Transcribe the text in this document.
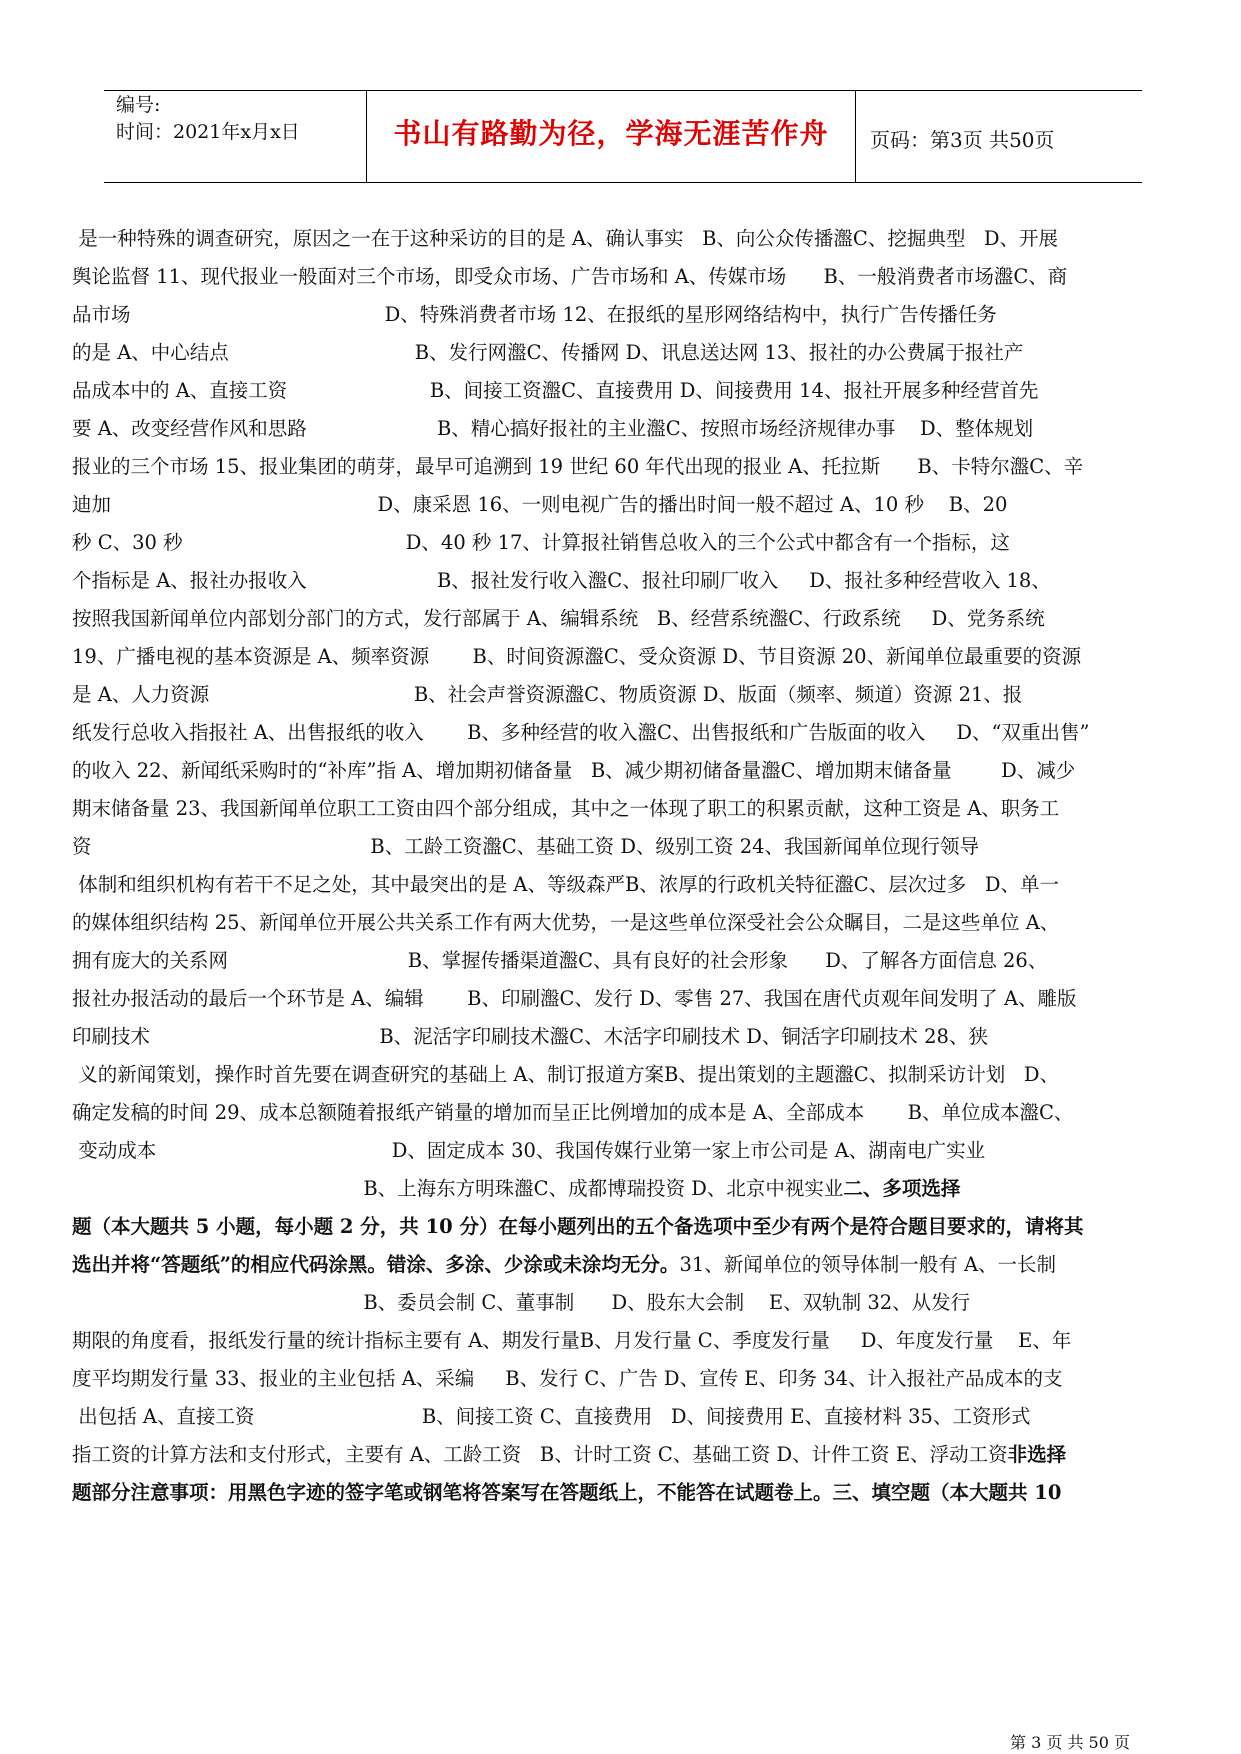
编号:
时间：2021年x月x日	书山有路勤为径，学海无涯苦作舟	页码：第3页 共50页
是一种特殊的调查研究，原因之一在于这种采访的目的是 A、确认事实   B、向公众传播瀊C、挖掘典型   D、开展
舆论监督 11、现代报业一般面对三个市场，即受众市场、广告市场和 A、传媒市场      B、一般消费者市场瀊C、商
品市场                                         D、特殊消费者市场 12、在报纸的星形网络结构中，执行广告传播任务
的是 A、中心结点                              B、发行网瀊C、传播网 D、讯息送达网 13、报社的办公费属于报社产
品成本中的 A、直接工资                       B、间接工资瀊C、直接费用 D、间接费用 14、报社开展多种经营首先
要 A、改变经营作风和思路                     B、精心搞好报社的主业瀊C、按照市场经济规律办事    D、整体规划
报业的三个市场 15、报业集团的萌芽，最早可追溯到 19 世纪 60 年代出现的报业 A、托拉斯      B、卡特尔瀊C、辛
迪加                                           D、康采恩 16、一则电视广告的播出时间一般不超过 A、10 秒    B、20
秒 C、30 秒                                    D、40 秒 17、计算报社销售总收入的三个公式中都含有一个指标，这
个指标是 A、报社办报收入                     B、报社发行收入瀊C、报社印刷厂收入     D、报社多种经营收入 18、
按照我国新闻单位内部划分部门的方式，发行部属于 A、编辑系统   B、经营系统瀊C、行政系统     D、党务系统
19、广播电视的基本资源是 A、频率资源       B、时间资源瀊C、受众资源 D、节目资源 20、新闻单位最重要的资源
是 A、人力资源                                 B、社会声誉资源瀊C、物质资源 D、版面（频率、频道）资源 21、报
纸发行总收入指报社 A、出售报纸的收入       B、多种经营的收入瀊C、出售报纸和广告版面的收入     D、“双重出售”
的收入 22、新闻纸采购时的“补库”指 A、增加期初储备量   B、减少期初储备量瀊C、增加期末储备量        D、减少
期末储备量 23、我国新闻单位职工工资由四个部分组成，其中之一体现了职工的积累贡献，这种工资是 A、职务工
资                                             B、工龄工资瀊C、基础工资 D、级别工资 24、我国新闻单位现行领导
体制和组织机构有若干不足之处，其中最突出的是 A、等级森严B、浓厚的行政机关特征瀊C、层次过多   D、单一
的媒体组织结构 25、新闻单位开展公共关系工作有两大优势，一是这些单位深受社会公众瞩目，二是这些单位 A、
拥有庞大的关系网                             B、掌握传播渠道瀊C、具有良好的社会形象      D、了解各方面信息 26、
报社办报活动的最后一个环节是 A、编辑       B、印刷瀊C、发行 D、零售 27、我国在唐代贞观年间发明了 A、雕版
印刷技术                                     B、泥活字印刷技术瀊C、木活字印刷技术 D、铜活字印刷技术 28、狭
义的新闻策划，操作时首先要在调查研究的基础上 A、制订报道方案B、提出策划的主题瀊C、拟制采访计划   D、
确定发稿的时间 29、成本总额随着报纸产销量的增加而呈正比例增加的成本是 A、全部成本       B、单位成本瀊C、
变动成本                                      D、固定成本 30、我国传媒行业第一家上市公司是 A、湖南电广实业
B、上海东方明珠瀊C、成都博瑞投资 D、北京中视实业二、多项选择
题（本大题共 5 小题，每小题 2 分，共 10 分）在每小题列出的五个备选项中至少有两个是符合题目要求的，请将其
选出并将“答题纸”的相应代码涂黑。错涂、多涂、少涂或未涂均无分。31、新闻单位的领导体制一般有 A、一长制
B、委员会制 C、董事制      D、股东大会制    E、双轨制 32、从发行
期限的角度看，报纸发行量的统计指标主要有 A、期发行量B、月发行量 C、季度发行量     D、年度发行量    E、年
度平均期发行量 33、报业的主业包括 A、采编     B、发行 C、广告 D、宣传 E、印务 34、计入报社产品成本的支
出包括 A、直接工资                           B、间接工资 C、直接费用   D、间接费用 E、直接材料 35、工资形式
指工资的计算方法和支付形式，主要有 A、工龄工资   B、计时工资 C、基础工资 D、计件工资 E、浮动工资非选择
题部分注意事项：用黑色字迹的签字笔或钢笔将答案写在答题纸上，不能答在试题卷上。三、填空题（本大题共 10
第 3 页 共 50 页
